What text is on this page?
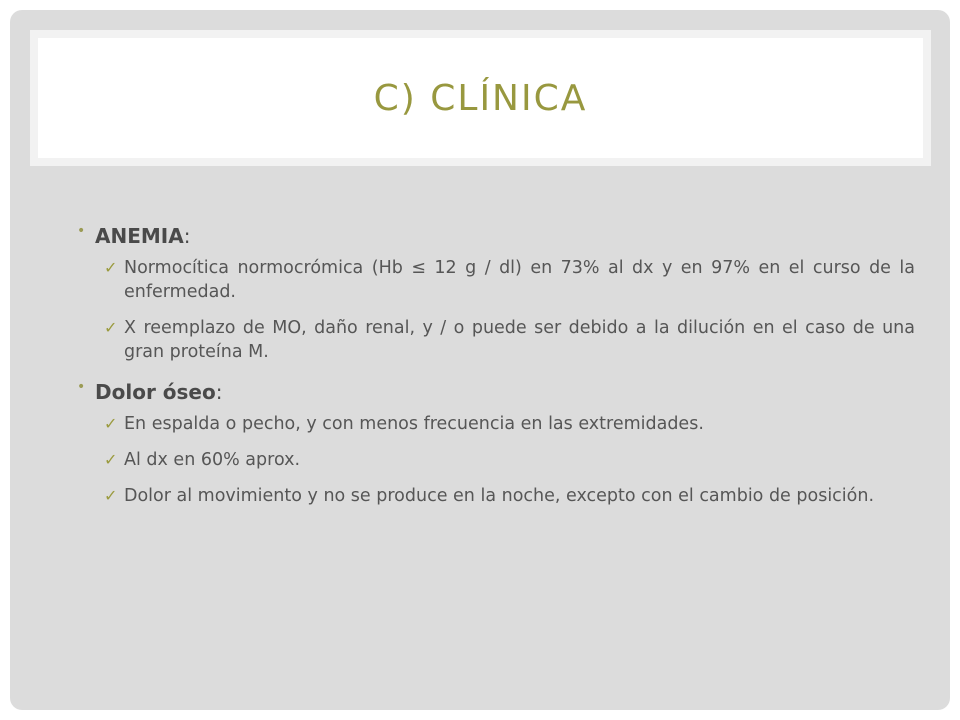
C) CLÍNICA
• ANEMIA:
✓ Normocítica normocrómica (Hb ≤ 12 g / dl) en 73% al dx y en 97% en el curso de la enfermedad.
✓ X reemplazo de MO, daño renal, y / o puede ser debido a la dilución en el caso de una gran proteína M.
• Dolor óseo:
✓ En espalda o pecho, y con menos frecuencia en las extremidades.
✓ Al dx en 60% aprox.
✓ Dolor al movimiento y no se produce en la noche, excepto con el cambio de posición.
